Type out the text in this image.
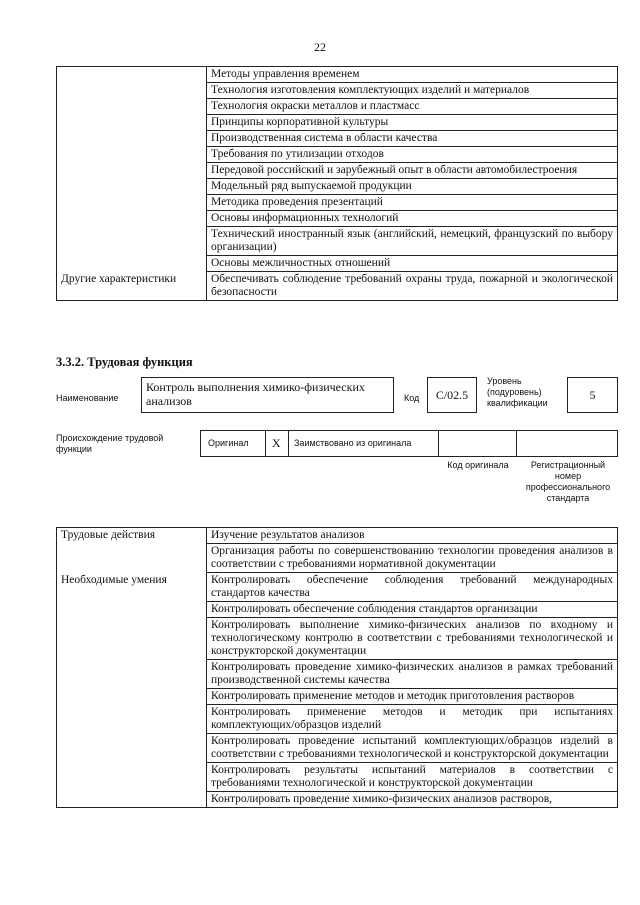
22
	Методы управления временем
	Технология изготовления комплектующих изделий и материалов
	Технология окраски металлов и пластмасс
	Принципы корпоративной культуры
	Производственная система в области качества
	Требования по утилизации отходов
	Передовой российский и зарубежный опыт в области автомобилестроения
	Модельный ряд выпускаемой продукции
	Методика проведения презентаций
	Основы информационных технологий
	Технический иностранный язык (английский, немецкий, французский по выбору организации)
	Основы межличностных отношений
Другие характеристики	Обеспечивать соблюдение требований охраны труда, пожарной и экологической безопасности
3.3.2. Трудовая функция
Наименование
Контроль выполнения химико-физических анализов	Код	C/02.5
Уровень (подуровень) квалификации
5
Происхождение трудовой функции
Оригинал X Заимствовано из оригинала
Код оригинала	Регистрационный номер профессионального стандарта
Трудовые действия	Изучение результатов анализов
	Организация работы по совершенствованию технологии проведения анализов в соответствии с требованиями нормативной документации
Необходимые умения	Контролировать обеспечение соблюдения требований международных стандартов качества
	Контролировать обеспечение соблюдения стандартов организации
	Контролировать выполнение химико-физических анализов по входному и технологическому контролю в соответствии с требованиями технологической и конструкторской документации
	Контролировать проведение химико-физических анализов в рамках требований производственной системы качества
	Контролировать применение методов и методик приготовления растворов
	Контролировать применение методов и методик при испытаниях комплектующих/образцов изделий
	Контролировать проведение испытаний комплектующих/образцов изделий в соответствии с требованиями технологической и конструкторской документации
	Контролировать результаты испытаний материалов в соответствии с требованиями технологической и конструкторской документации
	Контролировать проведение химико-физических анализов растворов,
